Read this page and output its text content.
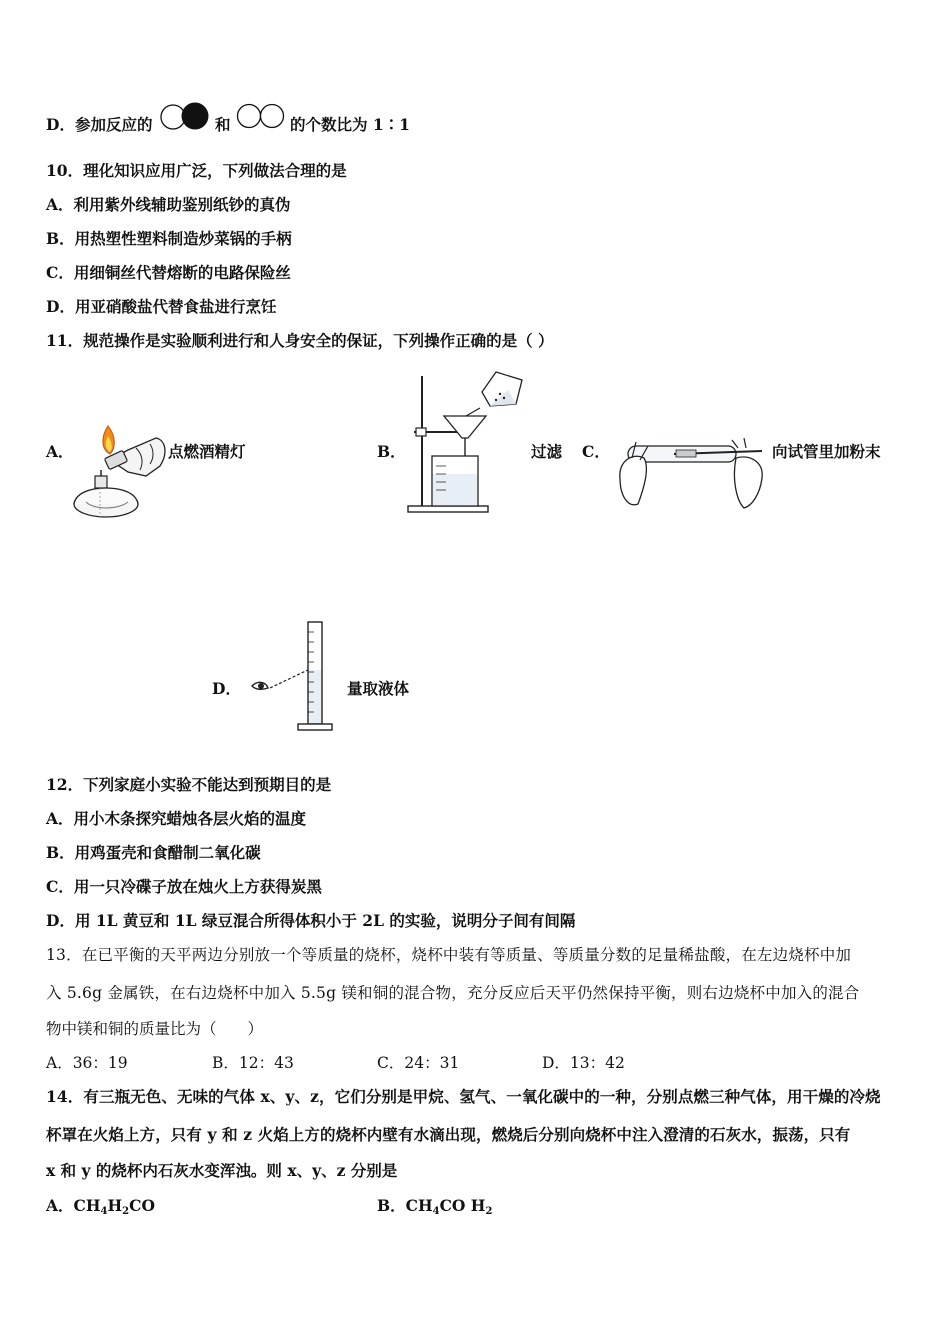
D．参加反应的	和	的个数比为 1∶1
10．理化知识应用广泛，下列做法合理的是
A．利用紫外线辅助鉴别纸钞的真伪
B．用热塑性塑料制造炒菜锅的手柄
C．用细铜丝代替熔断的电路保险丝
D．用亚硝酸盐代替食盐进行烹饪
11．规范操作是实验顺利进行和人身安全的保证，下列操作正确的是（ ）
A．	点燃酒精灯	B．	过滤 C．	向试管里加粉末
D．	量取液体
12．下列家庭小实验不能达到预期目的是
A．用小木条探究蜡烛各层火焰的温度
B．用鸡蛋壳和食醋制二氧化碳
C．用一只冷碟子放在烛火上方获得炭黑
D．用 1L 黄豆和 1L 绿豆混合所得体积小于 2L 的实验，说明分子间有间隔
13．在已平衡的天平两边分别放一个等质量的烧杯，烧杯中装有等质量、等质量分数的足量稀盐酸，在左边烧杯中加
入 5.6g 金属铁，在右边烧杯中加入 5.5g 镁和铜的混合物，充分反应后天平仍然保持平衡，则右边烧杯中加入的混合
物中镁和铜的质量比为（　　）
A．36：19	B．12：43	C．24：31	D．13：42
14．有三瓶无色、无味的气体 x、y、z，它们分别是甲烷、氢气、一氧化碳中的一种，分别点燃三种气体，用干燥的冷烧
杯罩在火焰上方，只有 y 和 z 火焰上方的烧杯内壁有水滴出现，燃烧后分别向烧杯中注入澄清的石灰水，振荡，只有
x 和 y 的烧杯内石灰水变浑浊。则 x、y、z 分别是
A．$CH_4H_2CO$	B．$CH_4CO$ $H_2$
